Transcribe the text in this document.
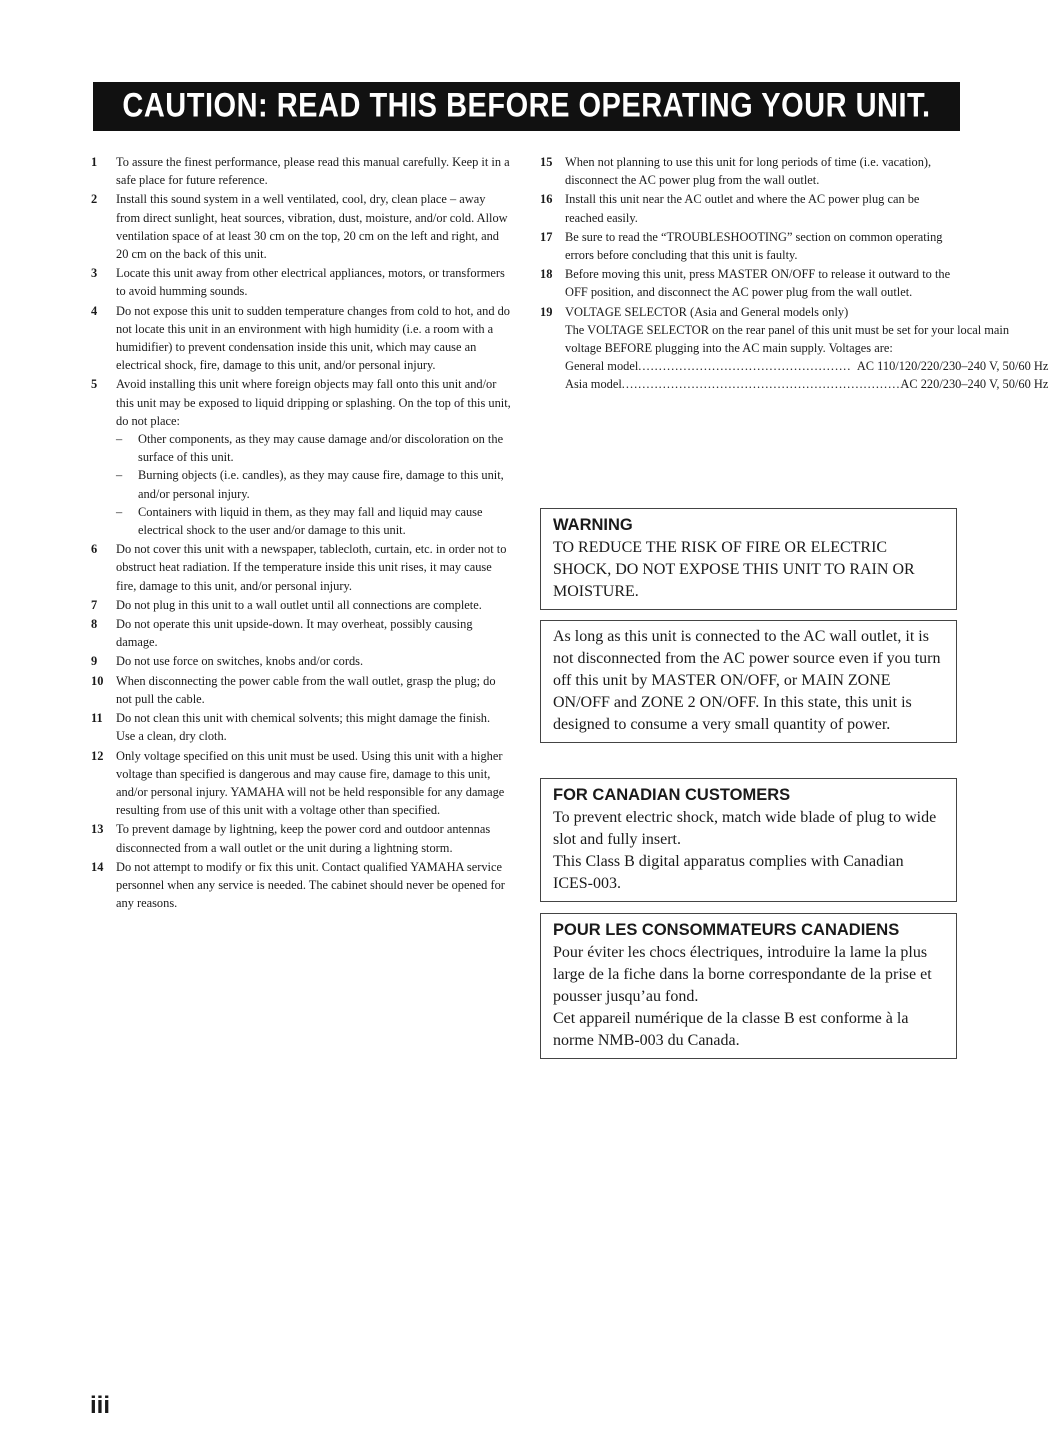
CAUTION: READ THIS BEFORE OPERATING YOUR UNIT.
1	To assure the finest performance, please read this manual carefully. Keep it in a safe place for future reference.
2	Install this sound system in a well ventilated, cool, dry, clean place – away from direct sunlight, heat sources, vibration, dust, moisture, and/or cold. Allow ventilation space of at least 30 cm on the top, 20 cm on the left and right, and 20 cm on the back of this unit.
3	Locate this unit away from other electrical appliances, motors, or transformers to avoid humming sounds.
4	Do not expose this unit to sudden temperature changes from cold to hot, and do not locate this unit in an environment with high humidity (i.e. a room with a humidifier) to prevent condensation inside this unit, which may cause an electrical shock, fire, damage to this unit, and/or personal injury.
5	Avoid installing this unit where foreign objects may fall onto this unit and/or this unit may be exposed to liquid dripping or splashing. On the top of this unit, do not place:
–	Other components, as they may cause damage and/or discoloration on the surface of this unit.
–	Burning objects (i.e. candles), as they may cause fire, damage to this unit, and/or personal injury.
–	Containers with liquid in them, as they may fall and liquid may cause electrical shock to the user and/or damage to this unit.
6	Do not cover this unit with a newspaper, tablecloth, curtain, etc. in order not to obstruct heat radiation. If the temperature inside this unit rises, it may cause fire, damage to this unit, and/or personal injury.
7	Do not plug in this unit to a wall outlet until all connections are complete.
8	Do not operate this unit upside-down. It may overheat, possibly causing damage.
9	Do not use force on switches, knobs and/or cords.
10	When disconnecting the power cable from the wall outlet, grasp the plug; do not pull the cable.
11	Do not clean this unit with chemical solvents; this might damage the finish. Use a clean, dry cloth.
12	Only voltage specified on this unit must be used. Using this unit with a higher voltage than specified is dangerous and may cause fire, damage to this unit, and/or personal injury. YAMAHA will not be held responsible for any damage resulting from use of this unit with a voltage other than specified.
13	To prevent damage by lightning, keep the power cord and outdoor antennas disconnected from a wall outlet or the unit during a lightning storm.
14	Do not attempt to modify or fix this unit. Contact qualified YAMAHA service personnel when any service is needed. The cabinet should never be opened for any reasons.
15	When not planning to use this unit for long periods of time (i.e. vacation), disconnect the AC power plug from the wall outlet.
16	Install this unit near the AC outlet and where the AC power plug can be reached easily.
17	Be sure to read the “TROUBLESHOOTING” section on common operating errors before concluding that this unit is faulty.
18	Before moving this unit, press MASTER ON/OFF to release it outward to the OFF position, and disconnect the AC power plug from the wall outlet.
19	VOLTAGE SELECTOR (Asia and General models only)
The VOLTAGE SELECTOR on the rear panel of this unit must be set for your local main voltage BEFORE plugging into the AC main supply. Voltages are:
General model .................................................... AC 110/120/220/230–240 V, 50/60 Hz
Asia model .................................................................... AC 220/230–240 V, 50/60 Hz
WARNING
TO REDUCE THE RISK OF FIRE OR ELECTRIC SHOCK, DO NOT EXPOSE THIS UNIT TO RAIN OR MOISTURE.
As long as this unit is connected to the AC wall outlet, it is not disconnected from the AC power source even if you turn off this unit by MASTER ON/OFF, or MAIN ZONE ON/OFF and ZONE 2 ON/OFF. In this state, this unit is designed to consume a very small quantity of power.
FOR CANADIAN CUSTOMERS

To prevent electric shock, match wide blade of plug to wide slot and fully insert.

This Class B digital apparatus complies with Canadian ICES-003.

POUR LES CONSOMMATEURS CANADIENS

Pour éviter les chocs électriques, introduire la lame la plus large de la fiche dans la borne correspondante de la prise et pousser jusqu’au fond.

Cet appareil numérique de la classe B est conforme à la norme NMB-003 du Canada.

iii
